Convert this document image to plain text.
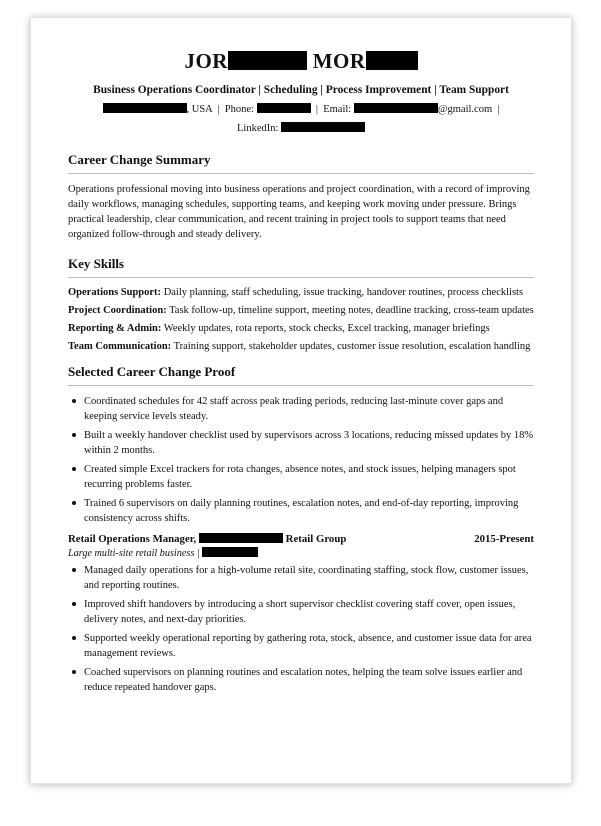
JOR	MOR
Business Operations Coordinator | Scheduling | Process Improvement | Team Support
, USA | Phone:	| Email:	@gmail.com |
LinkedIn:
Career Change Summary
Operations professional moving into business operations and project coordination, with a record of improving daily workflows, managing schedules, supporting teams, and keeping work moving under pressure. Brings practical leadership, clear communication, and recent training in project tools to support teams that need organized follow-through and steady delivery.
Key Skills
Operations Support: Daily planning, staff scheduling, issue tracking, handover routines, process checklists
Project Coordination: Task follow-up, timeline support, meeting notes, deadline tracking, cross-team updates
Reporting & Admin: Weekly updates, rota reports, stock checks, Excel tracking, manager briefings
Team Communication: Training support, stakeholder updates, customer issue resolution, escalation handling
Selected Career Change Proof
Coordinated schedules for 42 staff across peak trading periods, reducing last-minute cover gaps and keeping service levels steady.
Built a weekly handover checklist used by supervisors across 3 locations, reducing missed updates by 18% within 2 months.
Created simple Excel trackers for rota changes, absence notes, and stock issues, helping managers spot recurring problems faster.
Trained 6 supervisors on daily planning routines, escalation notes, and end-of-day reporting, improving consistency across shifts.
Retail Operations Manager,	Retail Group	2015-Present
Large multi-site retail business |
Managed daily operations for a high-volume retail site, coordinating staffing, stock flow, customer issues, and reporting routines.
Improved shift handovers by introducing a short supervisor checklist covering staff cover, open issues, delivery notes, and next-day priorities.
Supported weekly operational reporting by gathering rota, stock, absence, and customer issue data for area management reviews.
Coached supervisors on planning routines and escalation notes, helping the team solve issues earlier and reduce repeated handover gaps.
